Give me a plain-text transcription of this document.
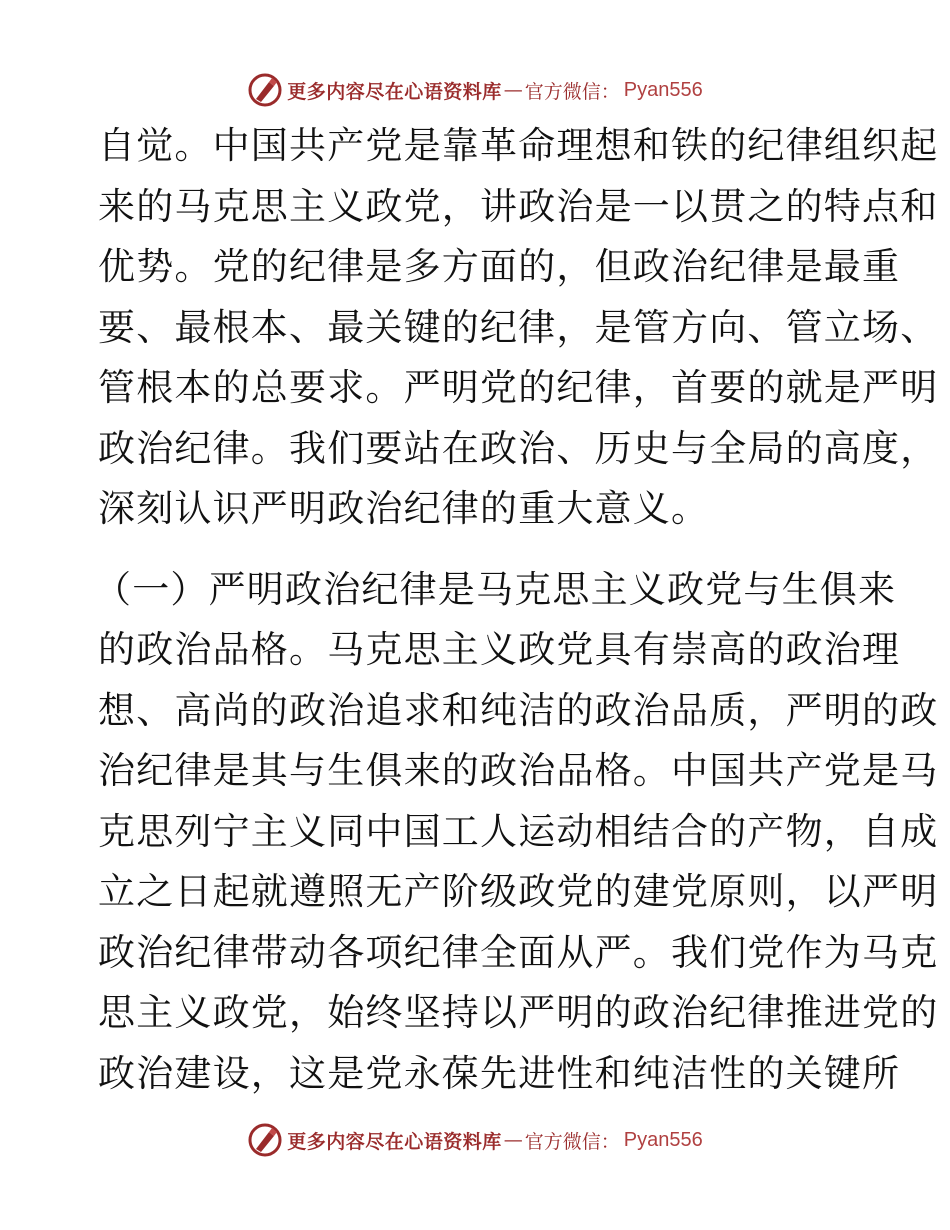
更多内容尽在心语资料库 — 官方微信： Pyan556
自觉。中国共产党是靠革命理想和铁的纪律组织起
来的马克思主义政党，讲政治是一以贯之的特点和
优势。党的纪律是多方面的，但政治纪律是最重
要、最根本、最关键的纪律，是管方向、管立场、
管根本的总要求。严明党的纪律，首要的就是严明
政治纪律。我们要站在政治、历史与全局的高度，
深刻认识严明政治纪律的重大意义。
（一）严明政治纪律是马克思主义政党与生俱来
的政治品格。马克思主义政党具有崇高的政治理
想、高尚的政治追求和纯洁的政治品质，严明的政
治纪律是其与生俱来的政治品格。中国共产党是马
克思列宁主义同中国工人运动相结合的产物，自成
立之日起就遵照无产阶级政党的建党原则，以严明
政治纪律带动各项纪律全面从严。我们党作为马克
思主义政党，始终坚持以严明的政治纪律推进党的
政治建设，这是党永葆先进性和纯洁性的关键所
更多内容尽在心语资料库 — 官方微信： Pyan556
